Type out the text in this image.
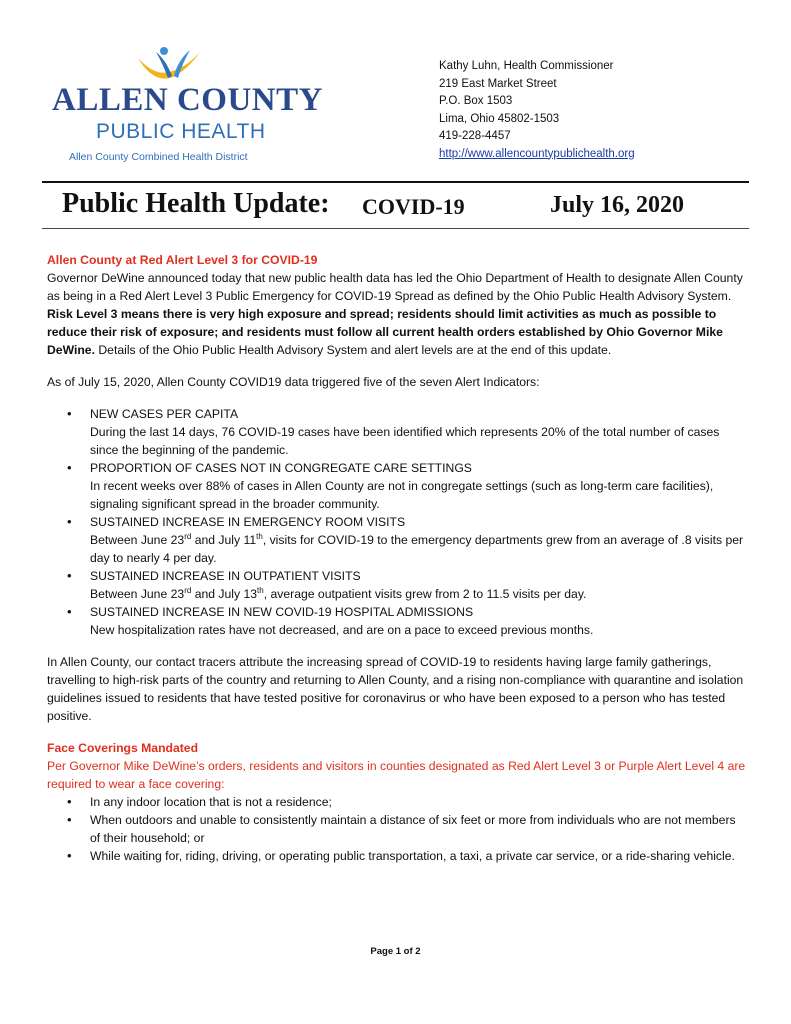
ALLEN COUNTY
PUBLIC HEALTH
Allen County Combined Health District
Kathy Luhn, Health Commissioner
219 East Market Street
P.O. Box 1503
Lima, Ohio 45802-1503
419-228-4457
http://www.allencountypublichealth.org
Public Health Update: COVID-19	July 16, 2020

Allen County at Red Alert Level 3 for COVID-19

Governor DeWine announced today that new public health data has led the Ohio Department of Health to designate Allen County as being in a Red Alert Level 3 Public Emergency for COVID-19 Spread as defined by the Ohio Public Health Advisory System. Risk Level 3 means there is very high exposure and spread; residents should limit activities as much as possible to reduce their risk of exposure; and residents must follow all current health orders established by Ohio Governor Mike DeWine. Details of the Ohio Public Health Advisory System and alert levels are at the end of this update.

As of July 15, 2020, Allen County COVID19 data triggered five of the seven Alert Indicators:

• NEW CASES PER CAPITA
During the last 14 days, 76 COVID-19 cases have been identified which represents 20% of the total number of cases since the beginning of the pandemic.
• PROPORTION OF CASES NOT IN CONGREGATE CARE SETTINGS
In recent weeks over 88% of cases in Allen County are not in congregate settings (such as long-term care facilities), signaling significant spread in the broader community.
• SUSTAINED INCREASE IN EMERGENCY ROOM VISITS
Between June 23rd and July 11th, visits for COVID-19 to the emergency departments grew from an average of .8 visits per day to nearly 4 per day.
• SUSTAINED INCREASE IN OUTPATIENT VISITS
Between June 23rd and July 13th, average outpatient visits grew from 2 to 11.5 visits per day.
• SUSTAINED INCREASE IN NEW COVID-19 HOSPITAL ADMISSIONS
New hospitalization rates have not decreased, and are on a pace to exceed previous months.

In Allen County, our contact tracers attribute the increasing spread of COVID-19 to residents having large family gatherings, travelling to high-risk parts of the country and returning to Allen County, and a rising non-compliance with quarantine and isolation guidelines issued to residents that have tested positive for coronavirus or who have been exposed to a person who has tested positive.

Face Coverings Mandated

Per Governor Mike DeWine’s orders, residents and visitors in counties designated as Red Alert Level 3 or Purple Alert Level 4 are required to wear a face covering:

• In any indoor location that is not a residence;
• When outdoors and unable to consistently maintain a distance of six feet or more from individuals who are not members of their household; or
• While waiting for, riding, driving, or operating public transportation, a taxi, a private car service, or a ride-sharing vehicle.
Page 1 of 2
